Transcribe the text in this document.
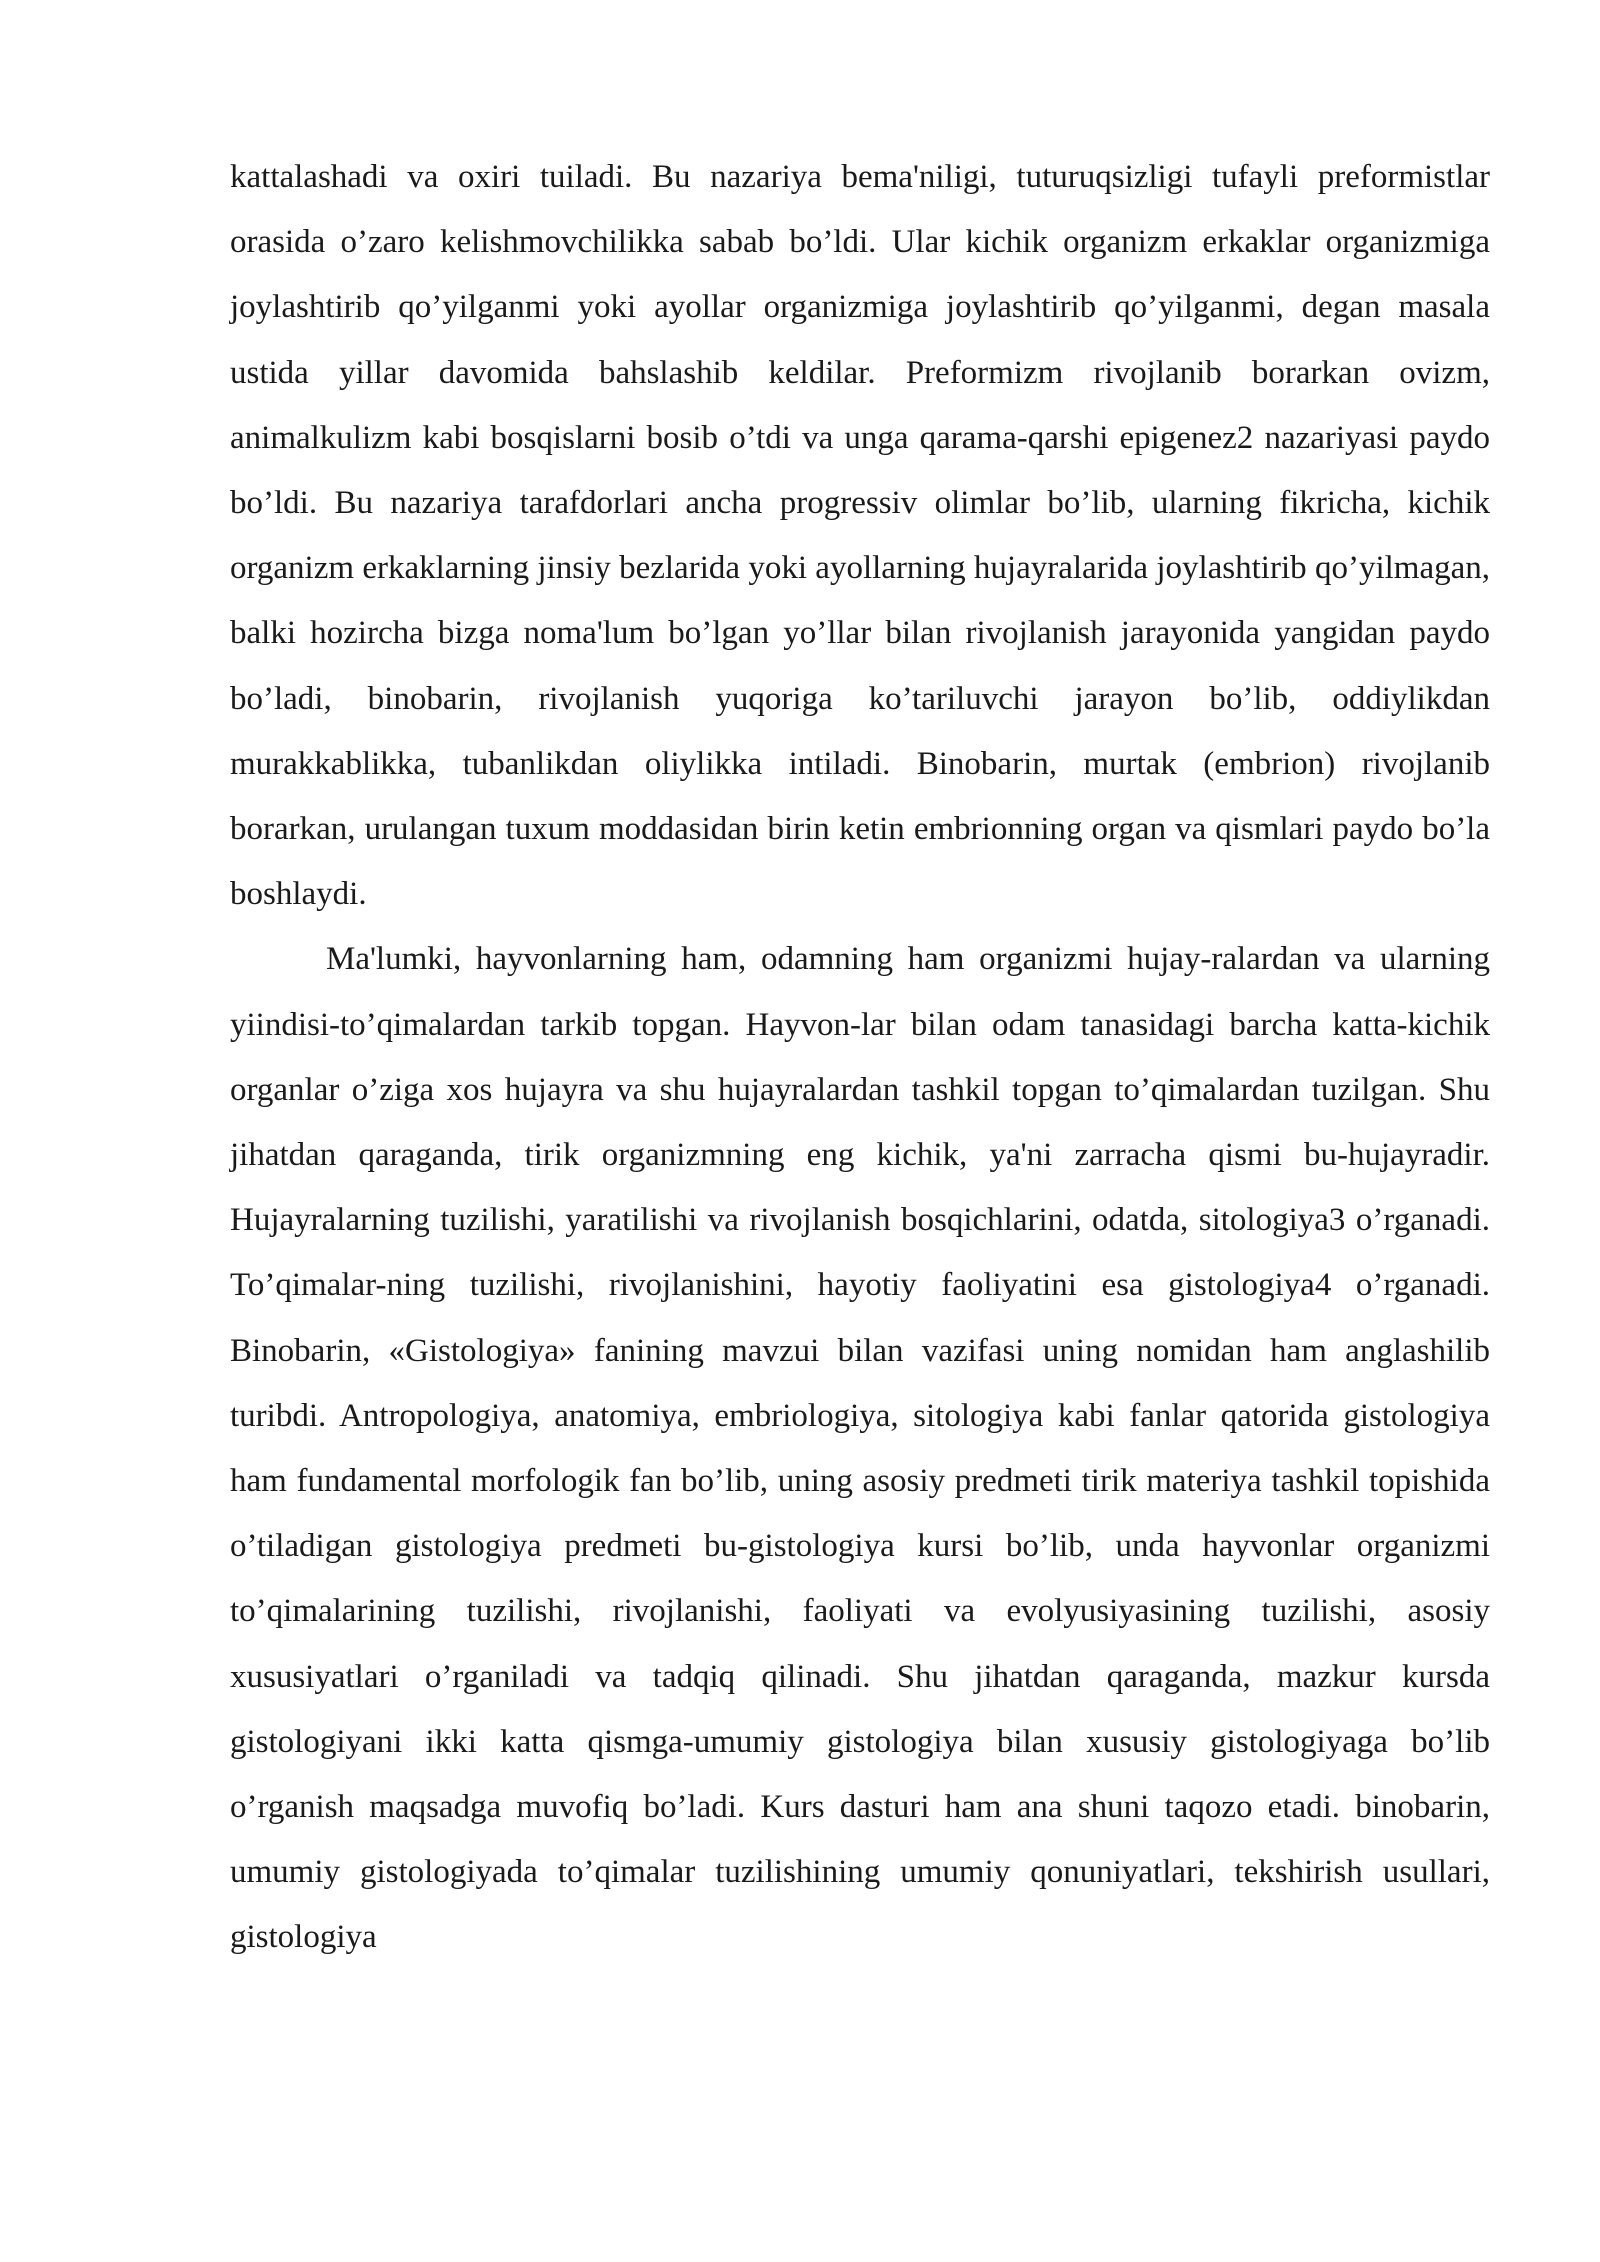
kattalashadi va oxiri tuiladi. Bu nazariya bema'niligi, tuturuqsizligi tufayli preformistlar orasida o’zaro kelishmovchilikka sabab bo’ldi. Ular kichik organizm erkaklar organizmiga joylashtirib qo’yilganmi yoki ayollar organizmiga joylashtirib qo’yilganmi, degan masala ustida yillar davomida bahslashib keldilar. Preformizm rivojlanib borarkan ovizm, animalkulizm kabi bosqislarni bosib o’tdi va unga qarama-qarshi epigenez2 nazariyasi paydo bo’ldi. Bu nazariya tarafdorlari ancha progressiv olimlar bo’lib, ularning fikricha, kichik organizm erkaklarning jinsiy bezlarida yoki ayollarning hujayralarida joylashtirib qo’yilmagan, balki hozircha bizga noma'lum bo’lgan yo’llar bilan rivojlanish jarayonida yangidan paydo bo’ladi, binobarin, rivojlanish yuqoriga ko’tariluvchi jarayon bo’lib, oddiylikdan murakkablikka, tubanlikdan oliylikka intiladi. Binobarin, murtak (embrion) rivojlanib borarkan, urulangan tuxum moddasidan birin ketin embrionning organ va qismlari paydo bo’la boshlaydi.

Ma'lumki, hayvonlarning ham, odamning ham organizmi hujay-ralardan va ularning yiindisi-to’qimalardan tarkib topgan. Hayvon-lar bilan odam tanasidagi barcha katta-kichik organlar o’ziga xos hujayra va shu hujayralardan tashkil topgan to’qimalardan tuzilgan. Shu jihatdan qaraganda, tirik organizmning eng kichik, ya'ni zarracha qismi bu-hujayradir. Hujayralarning tuzilishi, yaratilishi va rivojlanish bosqichlarini, odatda, sitologiya3 o’rganadi. To’qimalar-ning tuzilishi, rivojlanishini, hayotiy faoliyatini esa gistologiya4 o’rganadi. Binobarin, «Gistologiya» fanining mavzui bilan vazifasi uning nomidan ham anglashilib turibdi. Antropologiya, anatomiya, embriologiya, sitologiya kabi fanlar qatorida gistologiya ham fundamental morfologik fan bo’lib, uning asosiy predmeti tirik materiya tashkil topishida o’tiladigan gistologiya predmeti bu-gistologiya kursi bo’lib, unda hayvonlar organizmi to’qimalarining tuzilishi, rivojlanishi, faoliyati va evolyusiyasining tuzilishi, asosiy xususiyatlari o’rganiladi va tadqiq qilinadi. Shu jihatdan qaraganda, mazkur kursda gistologiyani ikki katta qismga-umumiy gistologiya bilan xususiy gistologiyaga bo’lib o’rganish maqsadga muvofiq bo’ladi. Kurs dasturi ham ana shuni taqozo etadi. binobarin, umumiy gistologiyada to’qimalar tuzilishining umumiy qonuniyatlari, tekshirish usullari, gistologiya
